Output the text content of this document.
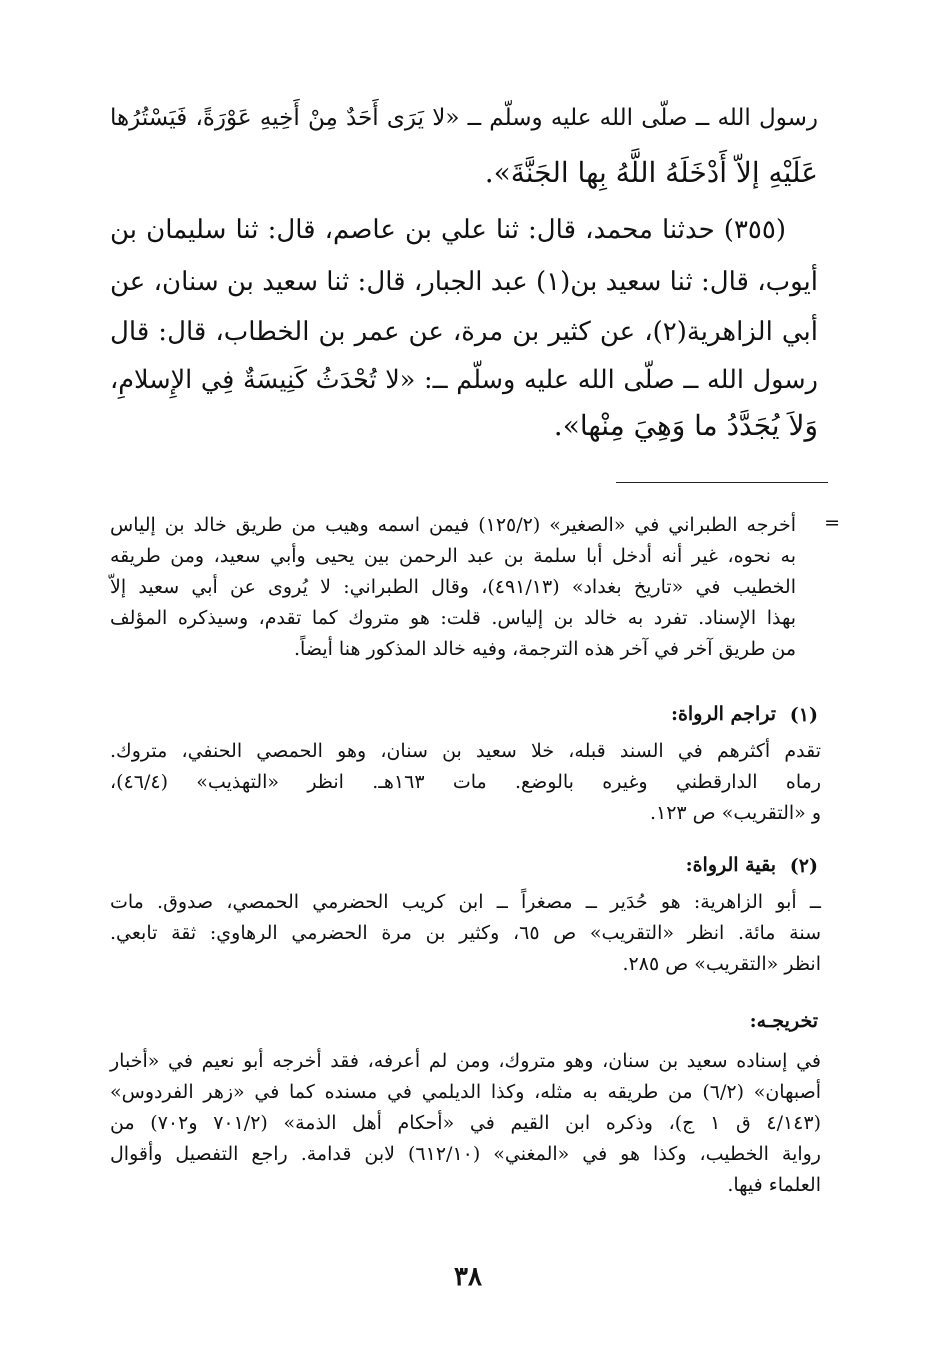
رسول الله ــ صلّى الله عليه وسلّم ــ «لا يَرَى أَحَدٌ مِنْ أَخِيهِ عَوْرَةً، فَيَسْتُرُها
عَلَيْهِ إلاّ أَدْخَلَهُ اللَّهُ بِها الجَنَّةَ».
(٣٥٥) حدثنا محمد، قال: ثنا علي بن عاصم، قال: ثنا سليمان بن
أيوب، قال: ثنا سعيد بن(١) عبد الجبار، قال: ثنا سعيد بن سنان، عن
أبي الزاهرية(٢)، عن كثير بن مرة، عن عمر بن الخطاب، قال: قال
رسول الله ــ صلّى الله عليه وسلّم ــ: «لا تُحْدَثُ كَنِيسَةٌ فِي الإِسلامِ،
وَلاَ يُجَدَّدُ ما وَهِيَ مِنْها».
=
أخرجه الطبراني في «الصغير» (١٢٥/٢) فيمن اسمه وهيب من طريق خالد بن إلياس
به نحوه، غير أنه أدخل أبا سلمة بن عبد الرحمن بين يحيى وأبي سعيد، ومن طريقه
الخطيب في «تاريخ بغداد» (٤٩١/١٣)، وقال الطبراني: لا يُروى عن أبي سعيد إلاّ
بهذا الإسناد. تفرد به خالد بن إلياس. قلت: هو متروك كما تقدم، وسيذكره المؤلف
من طريق آخر في آخر هذه الترجمة، وفيه خالد المذكور هنا أيضاً.
(١)
تراجم الرواة:
تقدم أكثرهم في السند قبله، خلا سعيد بن سنان، وهو الحمصي الحنفي، متروك.
رماه الدارقطني وغيره بالوضع. مات ١٦٣هـ. انظر «التهذيب» (٤٦/٤)،
و «التقريب» ص ١٢٣.
(٢)
بقية الرواة:
ــ أبو الزاهرية: هو حُدَير ــ مصغراً ــ ابن كريب الحضرمي الحمصي، صدوق. مات
سنة مائة. انظر «التقريب» ص ٦٥، وكثير بن مرة الحضرمي الرهاوي: ثقة تابعي.
انظر «التقريب» ص ٢٨٥.
تخريجـه:
في إسناده سعيد بن سنان، وهو متروك، ومن لم أعرفه، فقد أخرجه أبو نعيم في «أخبار
أصبهان» (٦/٢) من طريقه به مثله، وكذا الديلمي في مسنده كما في «زهر الفردوس»
(٤/١٤٣ ق ١ ج)، وذكره ابن القيم في «أحكام أهل الذمة» (٧٠١/٢ و٧٠٢) من
رواية الخطيب، وكذا هو في «المغني» (٦١٢/١٠) لابن قدامة. راجع التفصيل وأقوال
العلماء فيها.
٣٨
